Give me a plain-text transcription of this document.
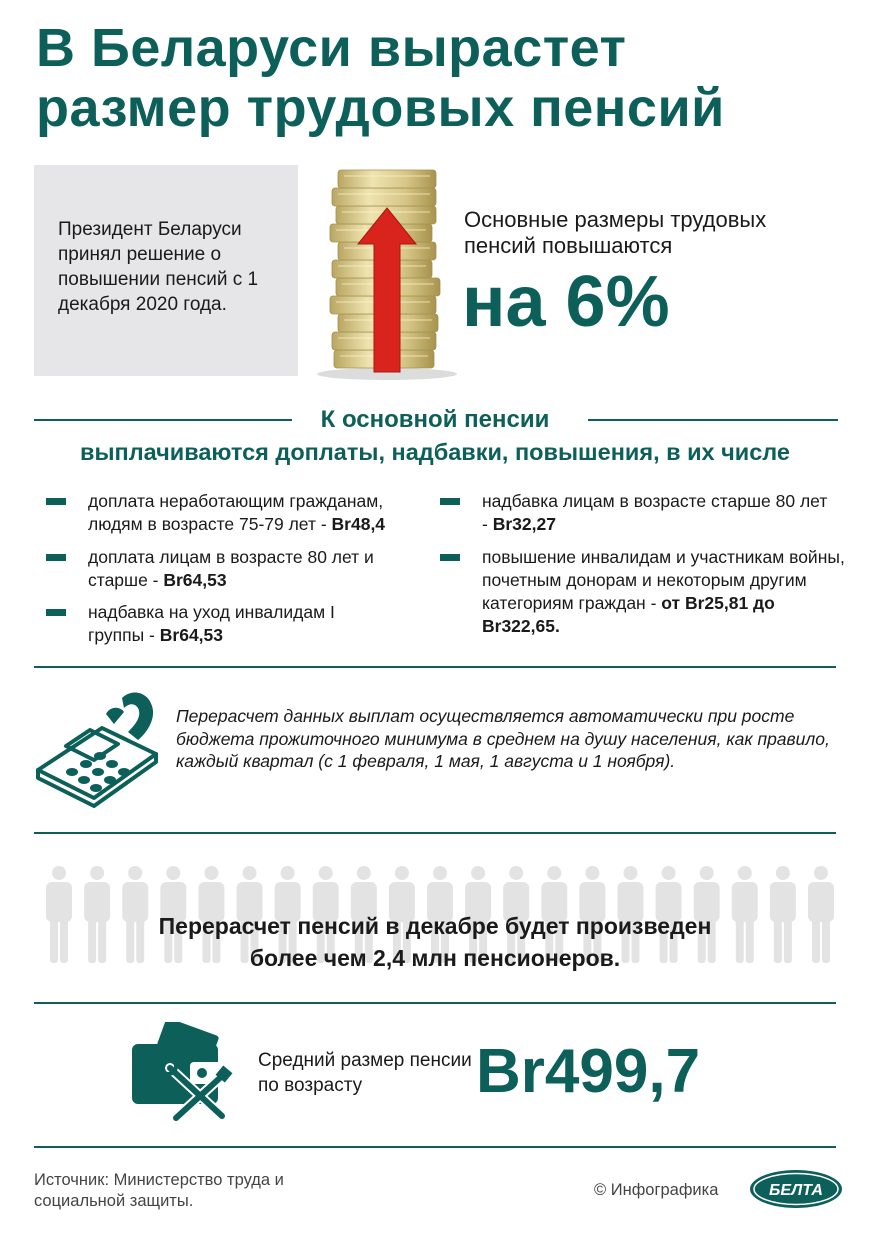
В Беларуси вырастет
размер трудовых пенсий

Президент Беларуси принял решение о повышении пенсий с 1 декабря 2020 года.

Основные размеры трудовых пенсий повышаются
на 6%
К основной пенсии
выплачиваются доплаты, надбавки, повышения, в их числе
доплата неработающим гражданам, людям в возрасте 75-79 лет - Вr48,4
доплата лицам в возрасте 80 лет и старше - Вr64,53
надбавка на уход инвалидам I группы - Вr64,53
надбавка лицам в возрасте старше 80 лет - Вr32,27
повышение инвалидам и участникам войны, почетным донорам и некоторым другим категориям граждан - от Вr25,81 до Вr322,65.
Перерасчет данных выплат осуществляется автоматически при росте бюджета прожиточного минимума в среднем на душу населения, как правило, каждый квартал (с 1 февраля, 1 мая, 1 августа и 1 ноября).
Перерасчет пенсий в декабре будет произведен
более чем 2,4 млн пенсионеров.
Средний размер пенсии по возрасту	Вr499,7
Источник: Министерство труда и социальной защиты.
© Инфографика	БЕЛТА
